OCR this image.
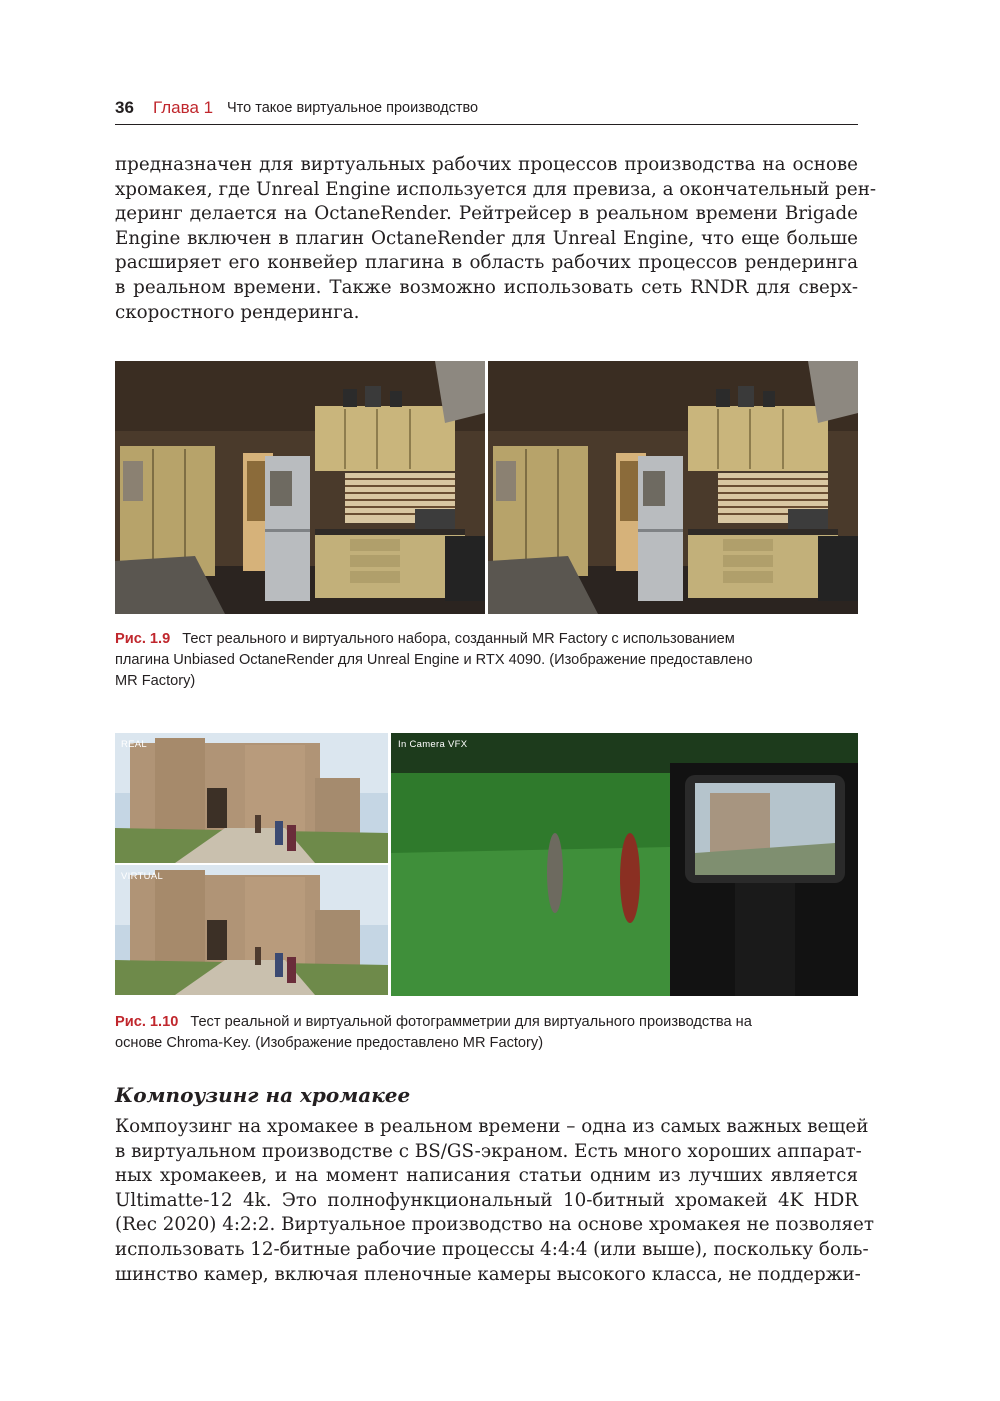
36 Глава 1 Что такое виртуальное производство
предназначен для виртуальных рабочих процессов производства на основе
хромакея, где Unreal Engine используется для превиза, а окончательный рен-
деринг делается на OctaneRender. Рейтрейсер в реальном времени Brigade
Engine включен в плагин OctaneRender для Unreal Engine, что еще больше
расширяет его конвейер плагина в область рабочих процессов рендеринга
в реальном времени. Также возможно использовать сеть RNDR для сверх-
скоростного рендеринга.
Рис. 1.9 Тест реального и виртуального набора, созданный MR Factory с использованием
плагина Unbiased OctaneRender для Unreal Engine и RTX 4090. (Изображение предоставлено
MR Factory)
REAL
VIRTUAL
In Camera VFX
Рис. 1.10 Тест реальной и виртуальной фотограмметрии для виртуального производства на
основе Chroma-Key. (Изображение предоставлено MR Factory)
Компоузинг на хромакее
Компоузинг на хромакее в реальном времени – одна из самых важных вещей
в виртуальном производстве с BS/GS-экраном. Есть много хороших аппарат-
ных хромакеев, и на момент написания статьи одним из лучших является
Ultimatte-12 4k. Это полнофункциональный 10-битный хромакей 4K HDR
(Rec 2020) 4:2:2. Виртуальное производство на основе хромакея не позволяет
использовать 12-битные рабочие процессы 4:4:4 (или выше), поскольку боль-
шинство камер, включая пленочные камеры высокого класса, не поддержи-
